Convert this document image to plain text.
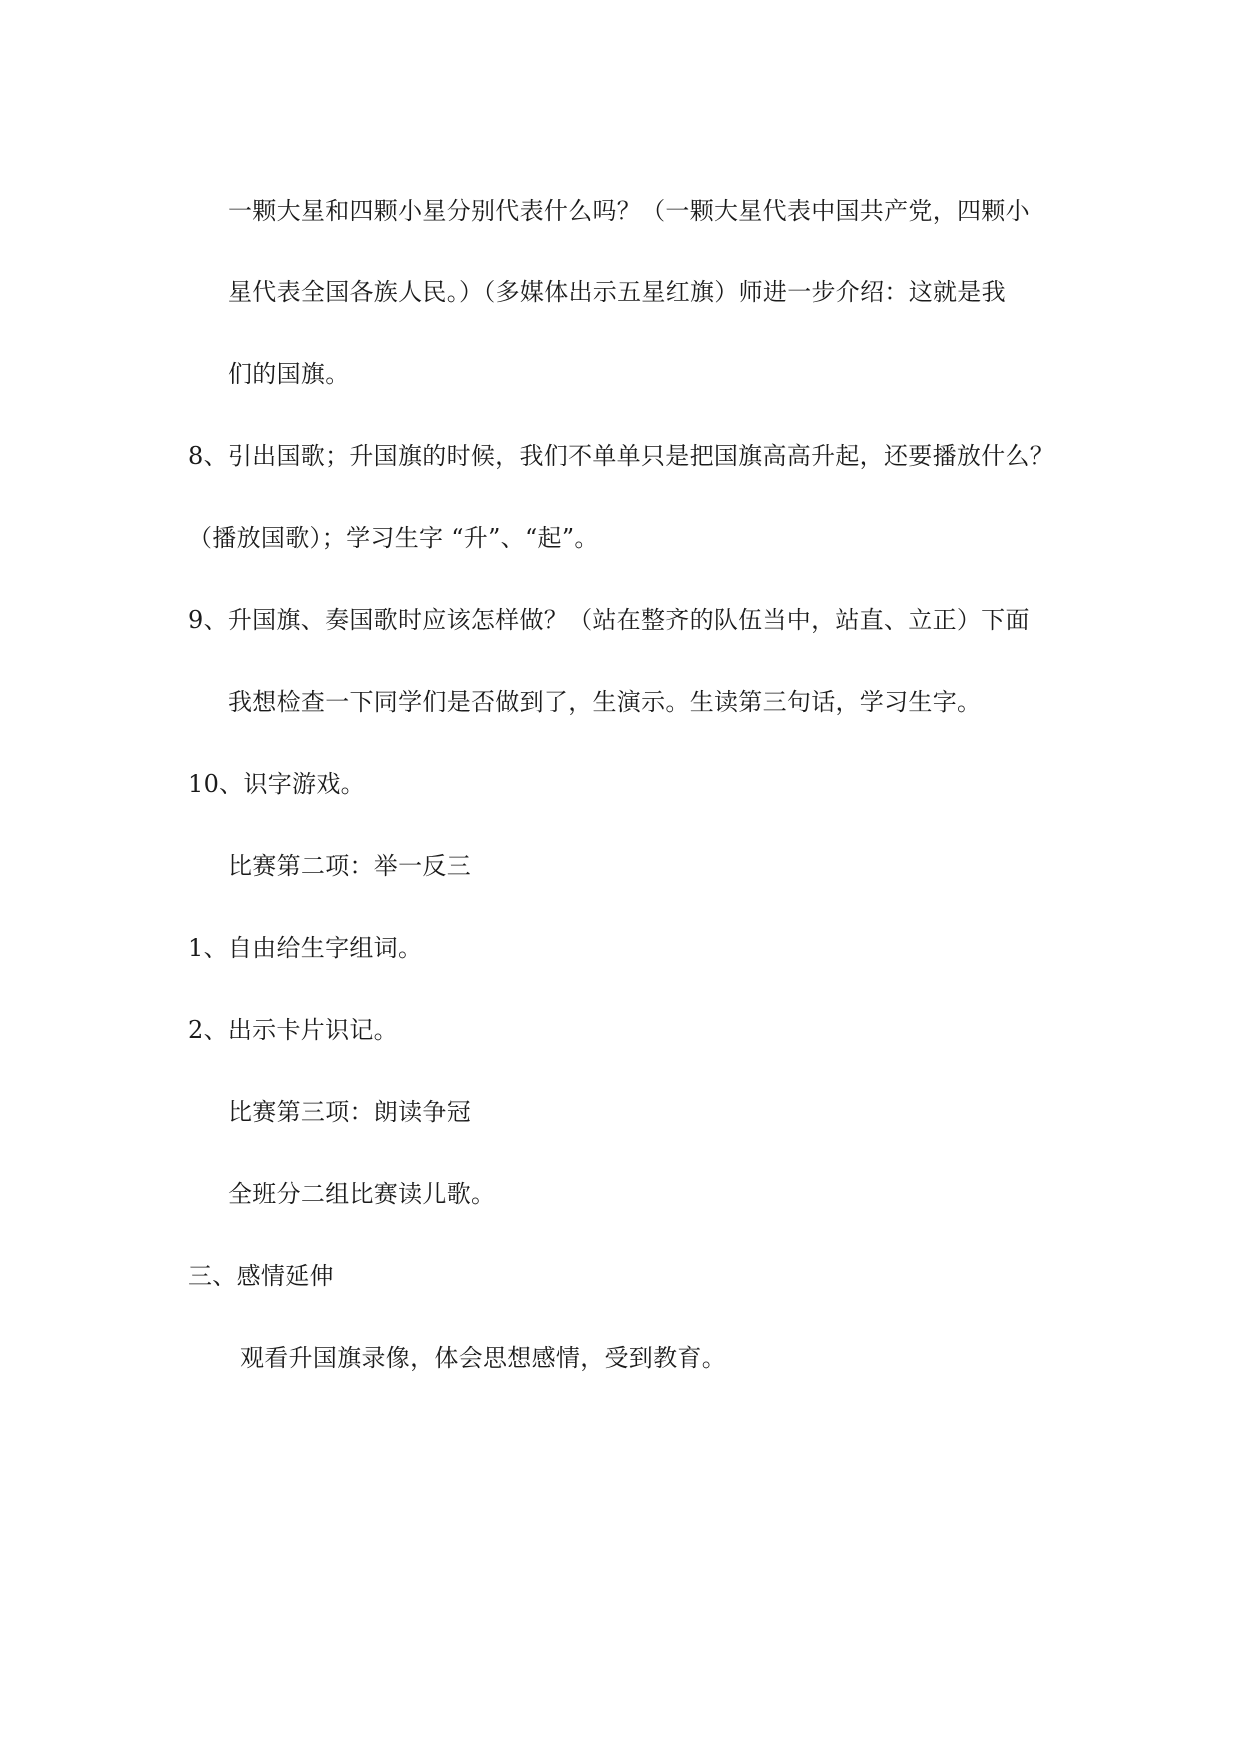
一颗大星和四颗小星分别代表什么吗？（一颗大星代表中国共产党，四颗小
星代表全国各族人民。）（多媒体出示五星红旗）师进一步介绍：这就是我
们的国旗。
8、引出国歌；升国旗的时候，我们不单单只是把国旗高高升起，还要播放什么？
（播放国歌）；学习生字 “升”、“起”。
9、升国旗、奏国歌时应该怎样做？（站在整齐的队伍当中，站直、立正）下面
我想检查一下同学们是否做到了，生演示。生读第三句话，学习生字。
10、识字游戏。
比赛第二项：举一反三
1、自由给生字组词。
2、出示卡片识记。
比赛第三项：朗读争冠
全班分二组比赛读儿歌。
三、感情延伸
观看升国旗录像，体会思想感情，受到教育。
